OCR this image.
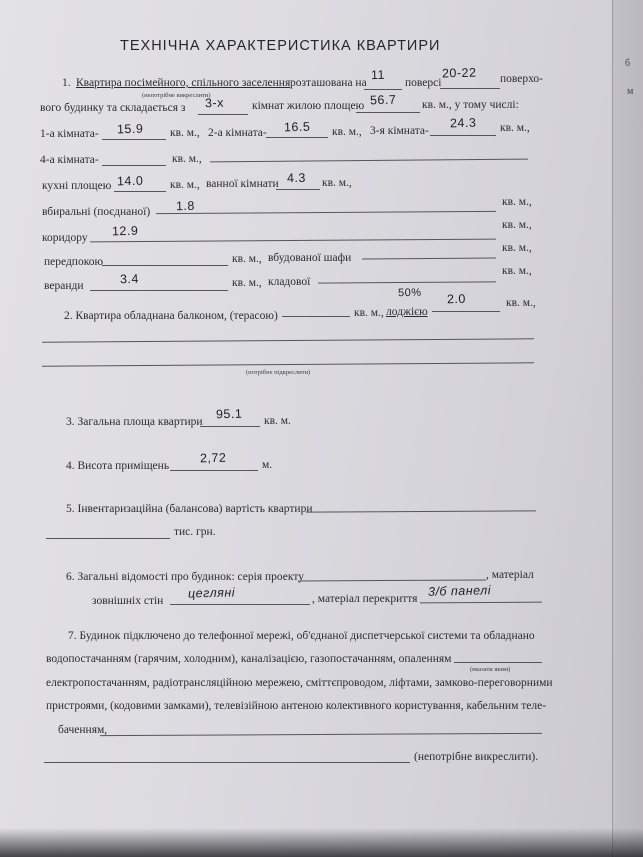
б
м
ТЕХНІЧНА ХАРАКТЕРИСТИКА КВАРТИРИ
1. Квартира посімейного, спільного заселення розташована на
11
поверсі
20-22 поверхо-
(непотрібне викреслити)
вого будинку та складається з 3-х кімнат жилою площею 56.7 кв. м., у тому числі:
1-а кімната- 15.9 кв. м., 2-а кімната- 16.5 кв. м., 3-я кімната-
24.3 кв. м.,
4-а кімната-	кв. м.,
кухні площею 14.0 кв. м., ванної кімнати 4.3 кв. м.,
вбиральні (поєднаної) 1.8	кв. м.,
коридору 12.9	кв. м.,
передпокою	кв. м., вбудованої шафи
кв. м.,
веранди	3.4	кв. м., кладової
кв. м.,
2. Квартира обладнана балконом, (терасою)	кв. м.,
50%
лоджією
2.0	кв. м.,
(потрібне підкреслити)
3. Загальна площа квартири
95.1 кв. м.
4. Висота приміщень
2,72	м.
5. Інвентаризаційна (балансова) вартість квартири
тис. грн.
6. Загальні відомості про будинок: серія проекту	, матеріал
зовнішніх стін
цегляні	, матеріал перекриття
3/б панелі
7. Будинок підключено до телефонної мережі, об'єднаної диспетчерської системи та обладнано
водопостачанням (гарячим, холодним), каналізацією, газопостачанням, опаленням
(вказати яким)
електропостачанням, радіотрансляційною мережею, сміттєпроводом, ліфтами, замково-переговорними
пристроями, (кодовими замками), телевізійною антеною колективного користування, кабельним теле-
баченням,
(непотрібне викреслити).
